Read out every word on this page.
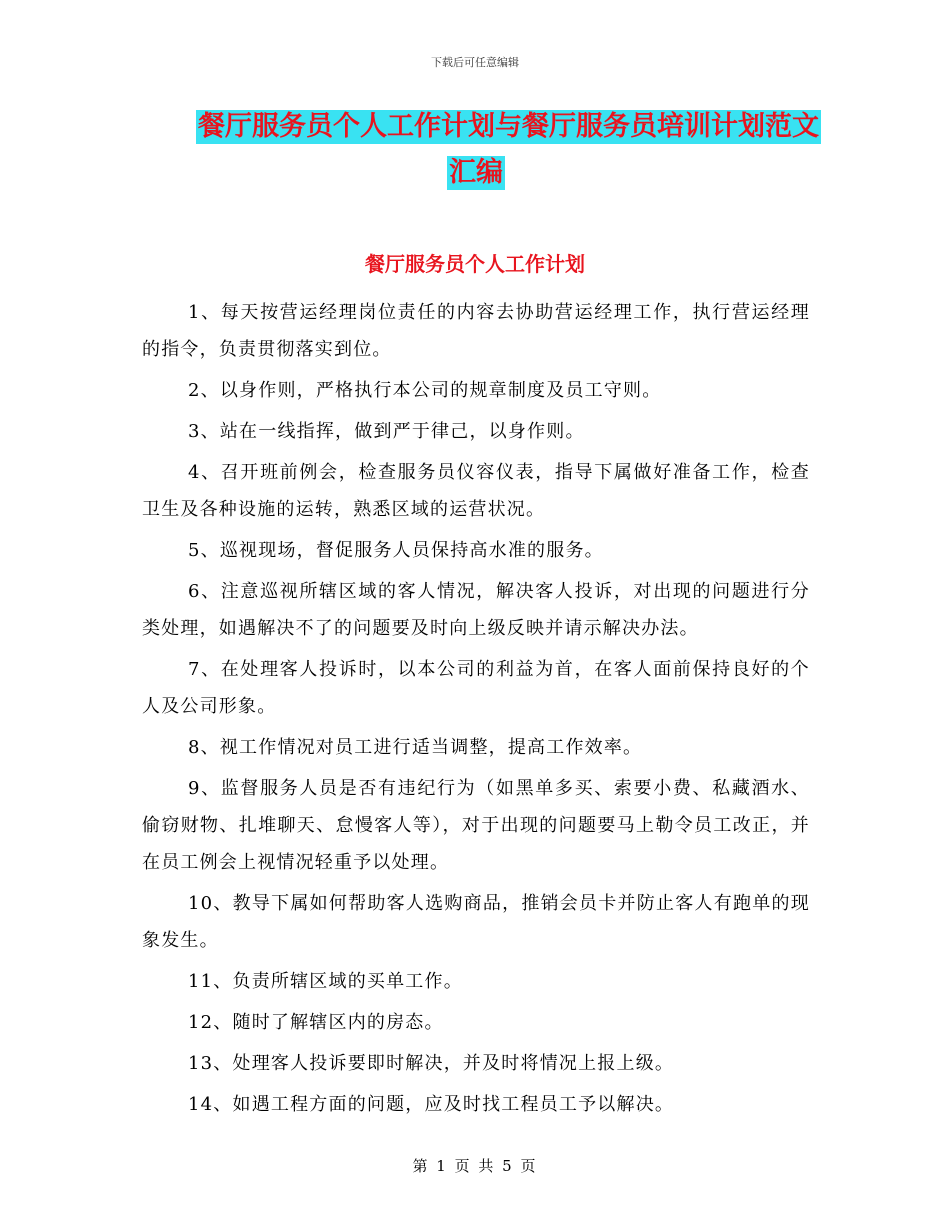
下载后可任意编辑
餐厅服务员个人工作计划与餐厅服务员培训计划范文
汇编
餐厅服务员个人工作计划

1、每天按营运经理岗位责任的内容去协助营运经理工作，执行营运经理的指令，负责贯彻落实到位。

2、以身作则，严格执行本公司的规章制度及员工守则。

3、站在一线指挥，做到严于律己，以身作则。

4、召开班前例会，检查服务员仪容仪表，指导下属做好准备工作，检查卫生及各种设施的运转，熟悉区域的运营状况。

5、巡视现场，督促服务人员保持高水准的服务。

6、注意巡视所辖区域的客人情况，解决客人投诉，对出现的问题进行分类处理，如遇解决不了的问题要及时向上级反映并请示解决办法。

7、在处理客人投诉时，以本公司的利益为首，在客人面前保持良好的个人及公司形象。

8、视工作情况对员工进行适当调整，提高工作效率。

9、监督服务人员是否有违纪行为（如黑单多买、索要小费、私藏酒水、偷窃财物、扎堆聊天、怠慢客人等），对于出现的问题要马上勒令员工改正，并在员工例会上视情况轻重予以处理。

10、教导下属如何帮助客人选购商品，推销会员卡并防止客人有跑单的现象发生。

11、负责所辖区域的买单工作。

12、随时了解辖区内的房态。

13、处理客人投诉要即时解决，并及时将情况上报上级。

14、如遇工程方面的问题，应及时找工程员工予以解决。

第 1 页 共 5 页
